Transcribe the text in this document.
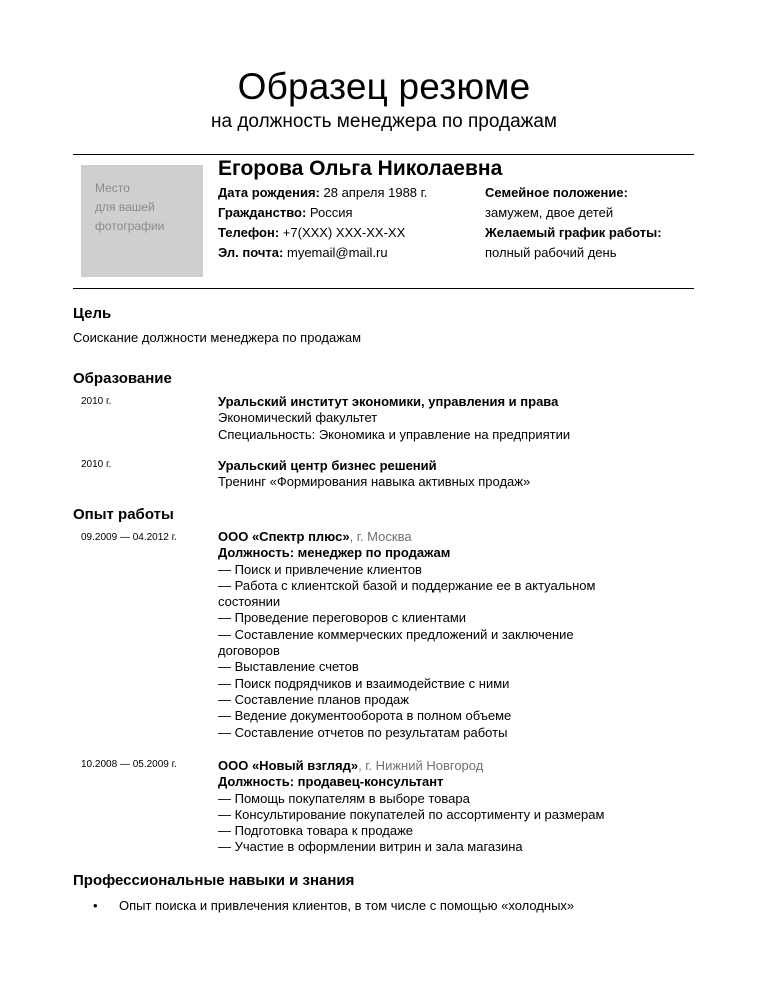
Образец резюме
на должность менеджера по продажам
Место
для вашей
фотографии
Егорова Ольга Николаевна
Дата рождения: 28 апреля 1988 г.
Гражданство: Россия
Телефон: +7(XXX) XXX-XX-XX
Эл. почта: myemail@mail.ru
Семейное положение:
замужем, двое детей
Желаемый график работы:
полный рабочий день
Цель
Соискание должности менеджера по продажам
Образование
2010 г.	Уральский институт экономики, управления и права
Экономический факультет
Специальность: Экономика и управление на предприятии
2010 г.	Уральский центр бизнес решений
Тренинг «Формирования навыка активных продаж»
Опыт работы
09.2009 — 04.2012 г.	ООО «Спектр плюс», г. Москва
Должность: менеджер по продажам
— Поиск и привлечение клиентов
— Работа с клиентской базой и поддержание ее в актуальном
состоянии
— Проведение переговоров с клиентами
— Составление коммерческих предложений и заключение
договоров
— Выставление счетов
— Поиск подрядчиков и взаимодействие с ними
— Составление планов продаж
— Ведение документооборота в полном объеме
— Составление отчетов по результатам работы
10.2008 — 05.2009 г.	ООО «Новый взгляд», г. Нижний Новгород
Должность: продавец-консультант
— Помощь покупателям в выборе товара
— Консультирование покупателей по ассортименту и размерам
— Подготовка товара к продаже
— Участие в оформлении витрин и зала магазина
Профессиональные навыки и знания
• Опыт поиска и привлечения клиентов, в том числе с помощью «холодных»
